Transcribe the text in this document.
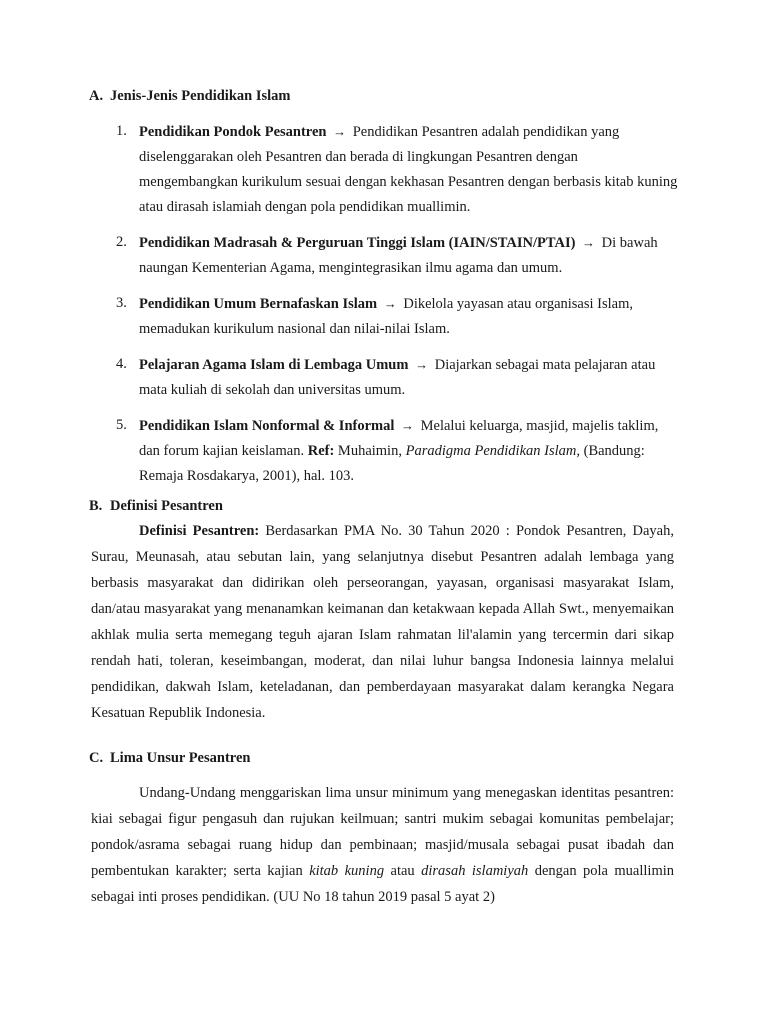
A. Jenis-Jenis Pendidikan Islam
1. Pendidikan Pondok Pesantren → Pendidikan Pesantren adalah pendidikan yang diselenggarakan oleh Pesantren dan berada di lingkungan Pesantren dengan mengembangkan kurikulum sesuai dengan kekhasan Pesantren dengan berbasis kitab kuning atau dirasah islamiah dengan pola pendidikan muallimin.
2. Pendidikan Madrasah & Perguruan Tinggi Islam (IAIN/STAIN/PTAI) → Di bawah naungan Kementerian Agama, mengintegrasikan ilmu agama dan umum.
3. Pendidikan Umum Bernafaskan Islam → Dikelola yayasan atau organisasi Islam, memadukan kurikulum nasional dan nilai-nilai Islam.
4. Pelajaran Agama Islam di Lembaga Umum → Diajarkan sebagai mata pelajaran atau mata kuliah di sekolah dan universitas umum.
5. Pendidikan Islam Nonformal & Informal → Melalui keluarga, masjid, majelis taklim, dan forum kajian keislaman. Ref: Muhaimin, Paradigma Pendidikan Islam, (Bandung: Remaja Rosdakarya, 2001), hal. 103.
B. Definisi Pesantren

Definisi Pesantren: Berdasarkan PMA No. 30 Tahun 2020 : Pondok Pesantren, Dayah, Surau, Meunasah, atau sebutan lain, yang selanjutnya disebut Pesantren adalah lembaga yang berbasis masyarakat dan didirikan oleh perseorangan, yayasan, organisasi masyarakat Islam, dan/atau masyarakat yang menanamkan keimanan dan ketakwaan kepada Allah Swt., menyemaikan akhlak mulia serta memegang teguh ajaran Islam rahmatan lil'alamin yang tercermin dari sikap rendah hati, toleran, keseimbangan, moderat, dan nilai luhur bangsa Indonesia lainnya melalui pendidikan, dakwah Islam, keteladanan, dan pemberdayaan masyarakat dalam kerangka Negara Kesatuan Republik Indonesia.

C. Lima Unsur Pesantren

Undang-Undang menggariskan lima unsur minimum yang menegaskan identitas pesantren: kiai sebagai figur pengasuh dan rujukan keilmuan; santri mukim sebagai komunitas pembelajar; pondok/asrama sebagai ruang hidup dan pembinaan; masjid/musala sebagai pusat ibadah dan pembentukan karakter; serta kajian kitab kuning atau dirasah islamiyah dengan pola muallimin sebagai inti proses pendidikan. (UU No 18 tahun 2019 pasal 5 ayat 2)
